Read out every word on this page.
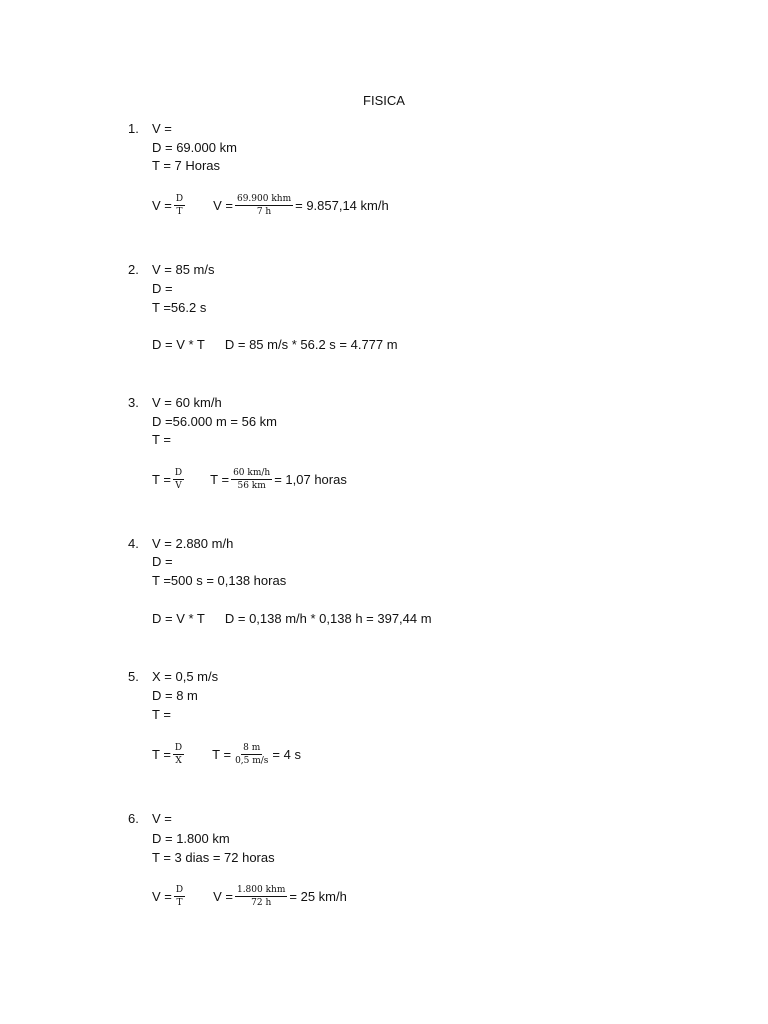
FISICA
1. V =
D = 69.000 km
T = 7 Horas
$V = \frac{D}{T}$ $V = \frac{\text{69.900 khm}}{7 h} = 9.857,14$ km/h
2. V = 85 m/s
D =
T =56.2 s
D = V * T D = 85 m/s * 56.2 s = 4.777 m
3. V = 60 km/h
D =56.000 m = 56 km
T =
$T = \frac{D}{V}$ $T = \frac{60 km/h}{56 km} = 1,07$ horas
4. V = 2.880 m/h
D =
T =500 s = 0,138 horas
D = V * T D = 0,138 m/h * 0,138 h = 397,44 m
5. X = 0,5 m/s
D = 8 m
T =
$T = \frac{D}{X}$ $T = \frac{8 m}{0,5 m/s} = 4$ s
6. V =
D = 1.800 km
T = 3 dias = 72 horas
$V = \frac{D}{T}$ $V = \frac{\text{1.800 khm}}{72 h} = 25$ km/h
